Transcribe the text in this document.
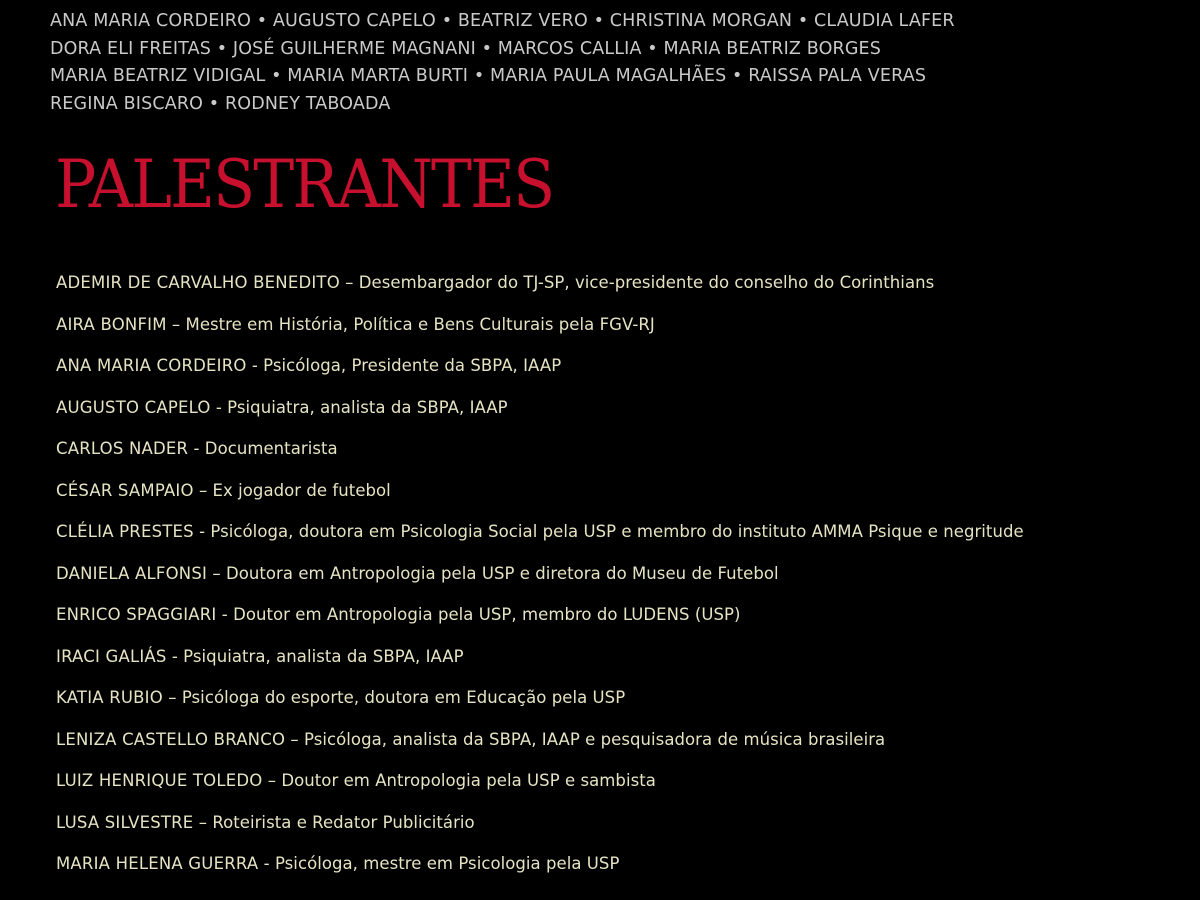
ANA MARIA CORDEIRO • AUGUSTO CAPELO • BEATRIZ VERO • CHRISTINA MORGAN • CLAUDIA LAFER
DORA ELI FREITAS • JOSÉ GUILHERME MAGNANI • MARCOS CALLIA • MARIA BEATRIZ BORGES
MARIA BEATRIZ VIDIGAL • MARIA MARTA BURTI • MARIA PAULA MAGALHÃES • RAISSA PALA VERAS
REGINA BISCARO • RODNEY TABOADA
PALESTRANTES
ADEMIR DE CARVALHO BENEDITO – Desembargador do TJ-SP, vice-presidente do conselho do Corinthians
AIRA BONFIM – Mestre em História, Política e Bens Culturais pela FGV-RJ
ANA MARIA CORDEIRO - Psicóloga, Presidente da SBPA, IAAP
AUGUSTO CAPELO - Psiquiatra, analista da SBPA, IAAP
CARLOS NADER - Documentarista
CÉSAR SAMPAIO – Ex jogador de futebol
CLÉLIA PRESTES - Psicóloga, doutora em Psicologia Social pela USP e membro do instituto AMMA Psique e negritude
DANIELA ALFONSI – Doutora em Antropologia pela USP e diretora do Museu de Futebol
ENRICO SPAGGIARI - Doutor em Antropologia pela USP, membro do LUDENS (USP)
IRACI GALIÁS - Psiquiatra, analista da SBPA, IAAP
KATIA RUBIO – Psicóloga do esporte, doutora em Educação pela USP
LENIZA CASTELLO BRANCO – Psicóloga, analista da SBPA, IAAP e pesquisadora de música brasileira
LUIZ HENRIQUE TOLEDO – Doutor em Antropologia pela USP e sambista
LUSA SILVESTRE – Roteirista e Redator Publicitário
MARIA HELENA GUERRA - Psicóloga, mestre em Psicologia pela USP
